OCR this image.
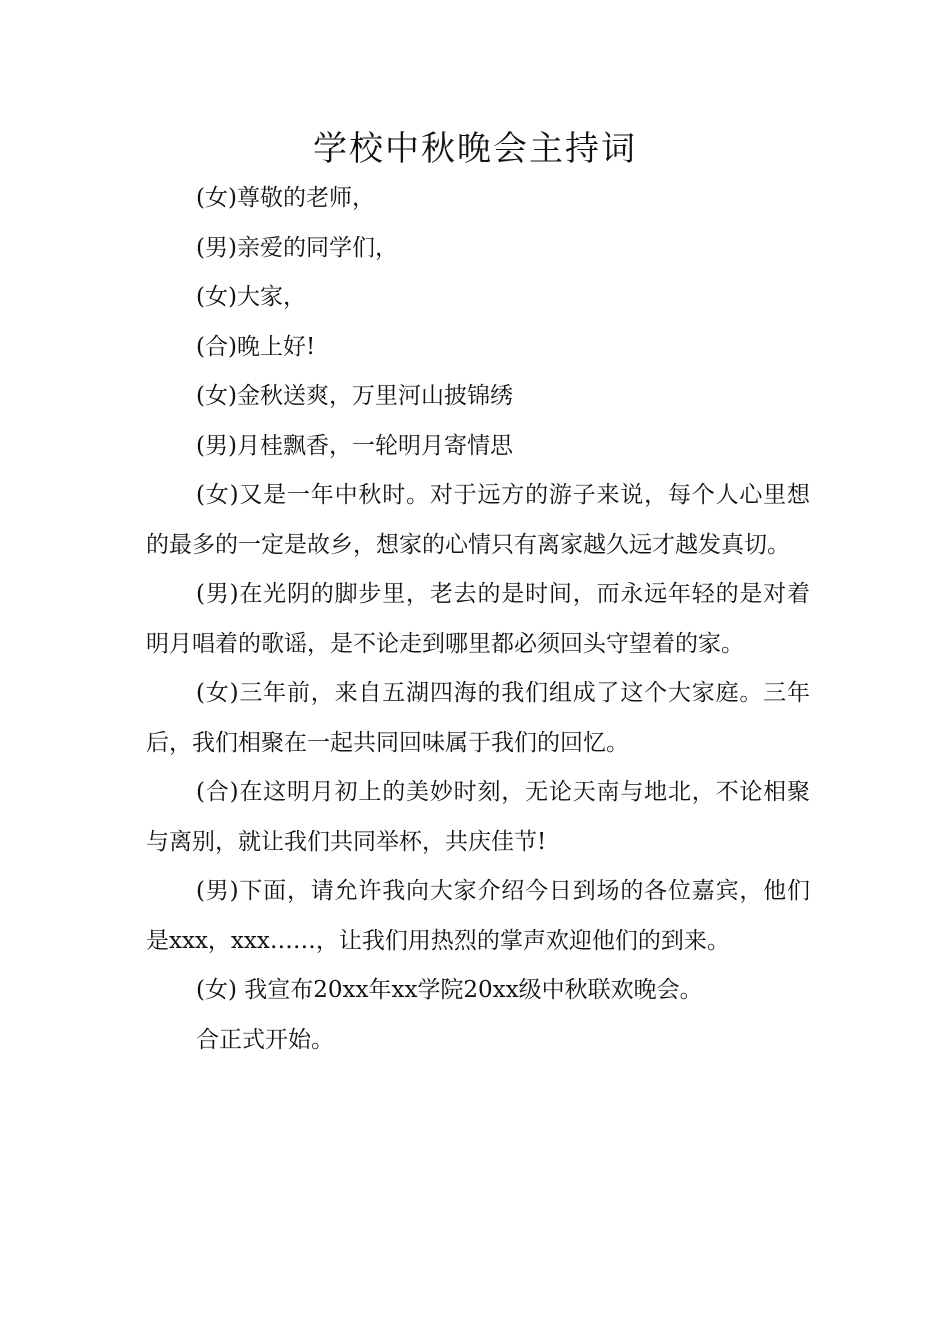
学校中秋晚会主持词

(女)尊敬的老师，

(男)亲爱的同学们，

(女)大家，

(合)晚上好!

(女)金秋送爽，万里河山披锦绣

(男)月桂飘香，一轮明月寄情思

(女)又是一年中秋时。对于远方的游子来说，每个人心里想的最多的一定是故乡，想家的心情只有离家越久远才越发真切。

(男)在光阴的脚步里，老去的是时间，而永远年轻的是对着明月唱着的歌谣，是不论走到哪里都必须回头守望着的家。

(女)三年前，来自五湖四海的我们组成了这个大家庭。三年后，我们相聚在一起共同回味属于我们的回忆。

(合)在这明月初上的美妙时刻，无论天南与地北，不论相聚与离别，就让我们共同举杯，共庆佳节!

(男)下面，请允许我向大家介绍今日到场的各位嘉宾，他们是xxx，xxx……，让我们用热烈的掌声欢迎他们的到来。

(女) 我宣布20xx年xx学院20xx级中秋联欢晚会。

合正式开始。
